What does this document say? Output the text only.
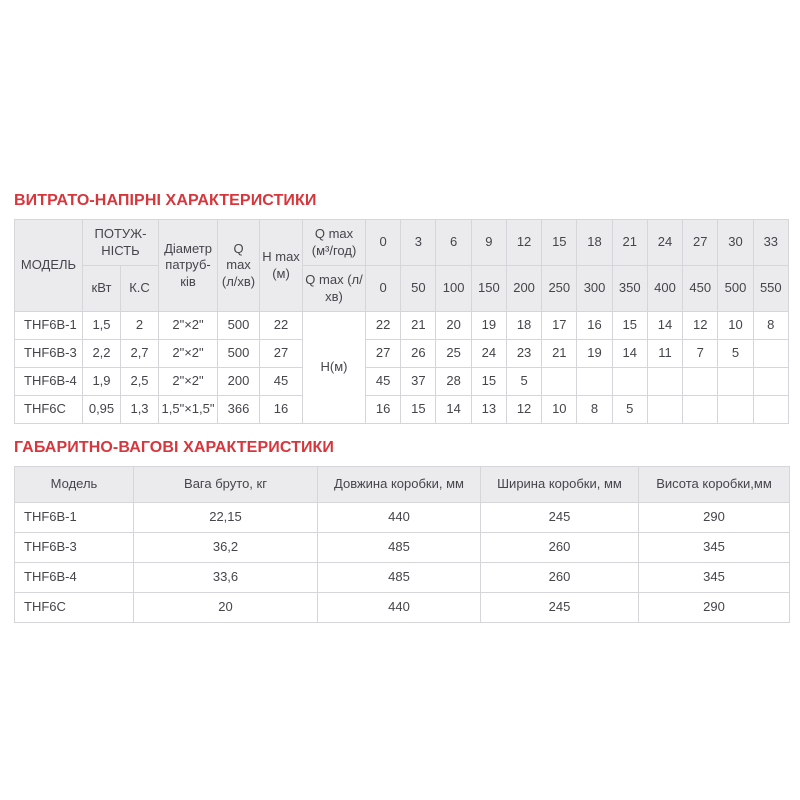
ВИТРАТО-НАПІРНІ ХАРАКТЕРИСТИКИ
МОДЕЛЬ	ПОТУЖ-НІСТЬ		Діаметр патруб-ків	Q max (л/хв)	H max (м)	Q max (м³/год)	0	3	6	9	12	15	18	21	24	27	30	33
	кВт	К.С				Q max (л/хв)	0	50	100	150	200	250	300	350	400	450	500	550
THF6B-1	1,5	2	2"×2"	500	22	Н(м)	22	21	20	19	18	17	16	15	14	12	10	8
THF6B-3	2,2	2,7	2"×2"	500	27		27	26	25	24	23	21	19	14	11	7	5	
THF6B-4	1,9	2,5	2"×2"	200	45		45	37	28	15	5							
THF6C	0,95	1,3	1,5"×1,5"	366	16		16	15	14	13	12	10	8	5				
ГАБАРИТНО-ВАГОВІ ХАРАКТЕРИСТИКИ
Модель	Вага бруто, кг	Довжина коробки, мм	Ширина коробки, мм	Висота коробки,мм
THF6B-1	22,15	440	245	290
THF6B-3	36,2	485	260	345
THF6B-4	33,6	485	260	345
THF6C	20	440	245	290
